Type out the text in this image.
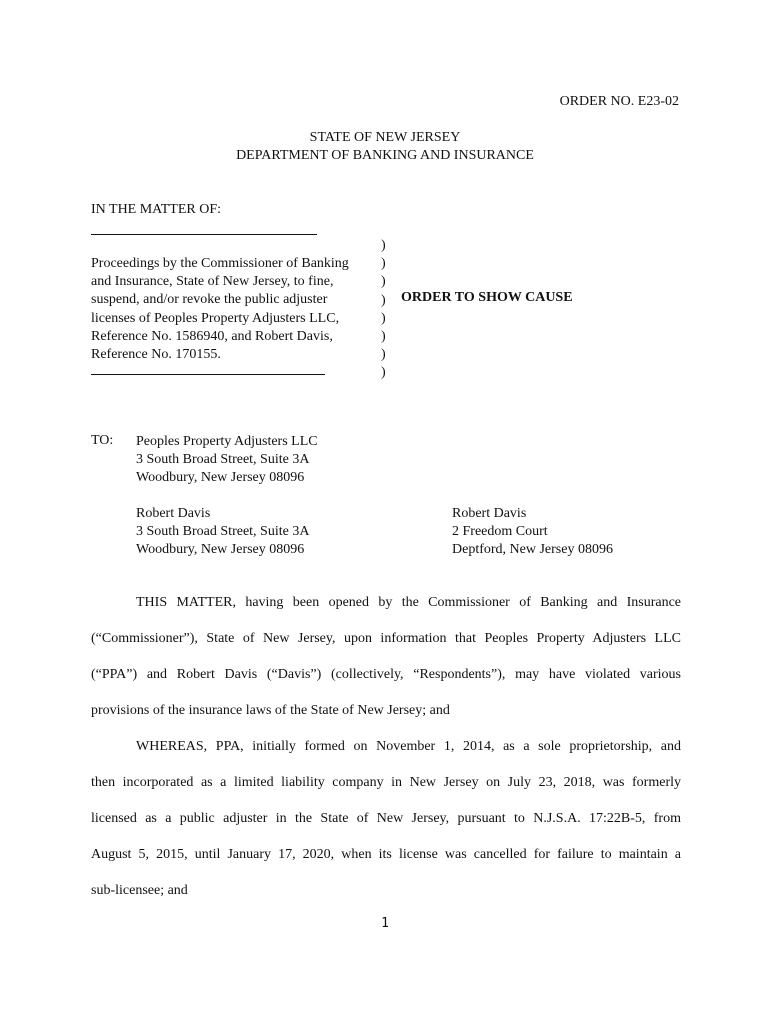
ORDER NO. E23-02
STATE OF NEW JERSEY
DEPARTMENT OF BANKING AND INSURANCE
IN THE MATTER OF:
Proceedings by the Commissioner of Banking
and Insurance, State of New Jersey, to fine,
suspend, and/or revoke the public adjuster
licenses of Peoples Property Adjusters LLC,
Reference No. 1586940, and Robert Davis,
Reference No. 170155.
)
)
)
)
)
)
)
)
ORDER TO SHOW CAUSE
TO: Peoples Property Adjusters LLC
3 South Broad Street, Suite 3A
Woodbury, New Jersey 08096
Robert Davis
3 South Broad Street, Suite 3A
Woodbury, New Jersey 08096
Robert Davis
2 Freedom Court
Deptford, New Jersey 08096
THIS MATTER, having been opened by the Commissioner of Banking and Insurance
(“Commissioner”), State of New Jersey, upon information that Peoples Property Adjusters LLC
(“PPA”) and Robert Davis (“Davis”) (collectively, “Respondents”), may have violated various
provisions of the insurance laws of the State of New Jersey; and
WHEREAS, PPA, initially formed on November 1, 2014, as a sole proprietorship, and
then incorporated as a limited liability company in New Jersey on July 23, 2018, was formerly
licensed as a public adjuster in the State of New Jersey, pursuant to N.J.S.A. 17:22B-5, from
August 5, 2015, until January 17, 2020, when its license was cancelled for failure to maintain a
sub-licensee; and
1
